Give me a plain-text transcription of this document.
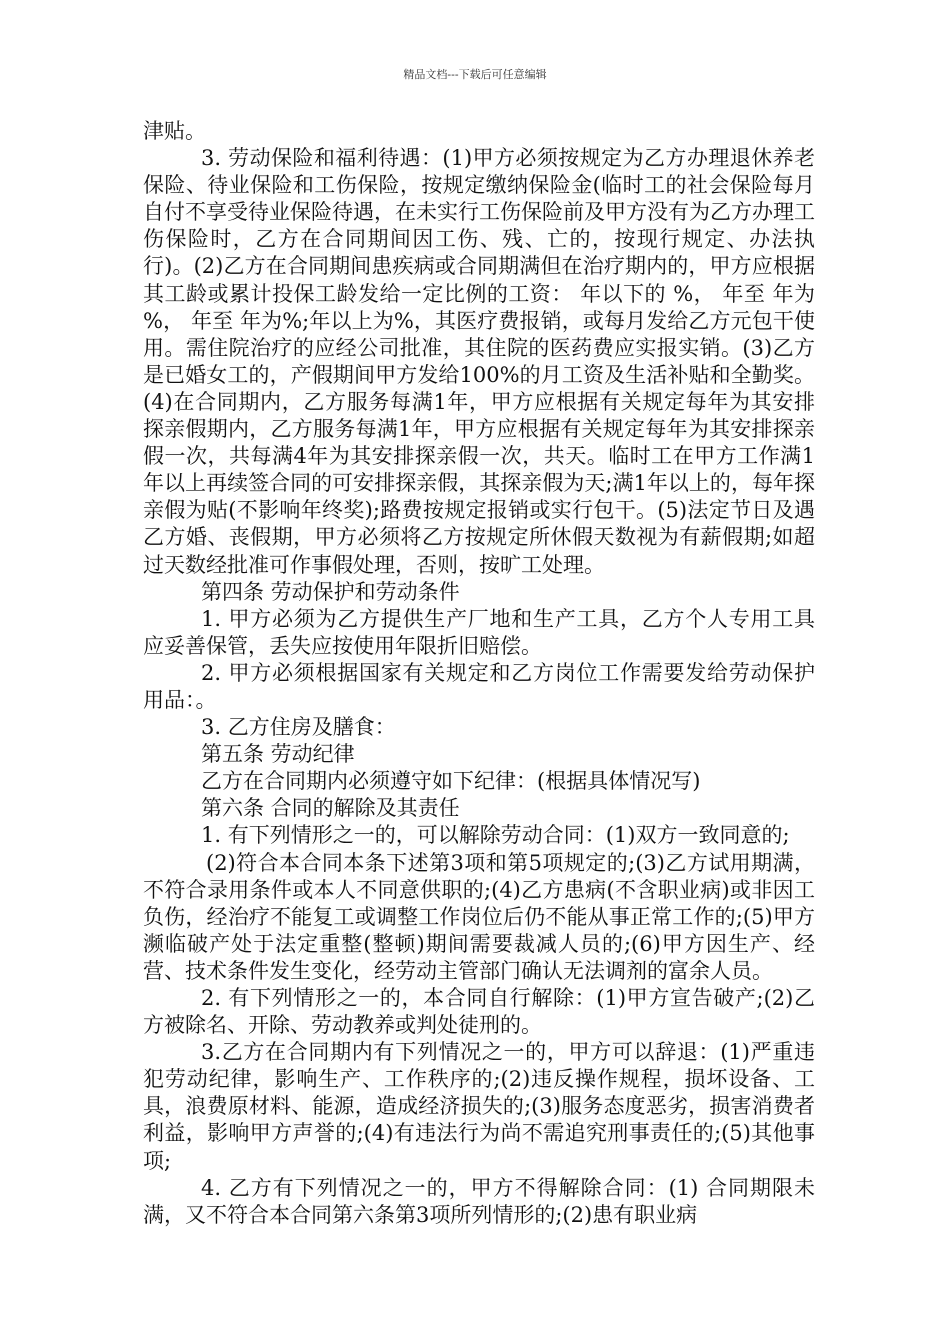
精品文档---下载后可任意编辑

津贴。

3. 劳动保险和福利待遇：(1)甲方必须按规定为乙方办理退休养老保险、待业保险和工伤保险，按规定缴纳保险金(临时工的社会保险每月自付不享受待业保险待遇，在未实行工伤保险前及甲方没有为乙方办理工伤保险时，乙方在合同期间因工伤、残、亡的，按现行规定、办法执行)。(2)乙方在合同期间患疾病或合同期满但在治疗期内的，甲方应根据其工龄或累计投保工龄发给一定比例的工资： 年以下的 %， 年至 年为 %， 年至 年为%;年以上为%，其医疗费报销，或每月发给乙方元包干使用。需住院治疗的应经公司批准，其住院的医药费应实报实销。(3)乙方是已婚女工的，产假期间甲方发给100%的月工资及生活补贴和全勤奖。(4)在合同期内，乙方服务每满1年，甲方应根据有关规定每年为其安排探亲假期内，乙方服务每满1年，甲方应根据有关规定每年为其安排探亲假一次，共每满4年为其安排探亲假一次，共天。临时工在甲方工作满1年以上再续签合同的可安排探亲假，其探亲假为天;满1年以上的，每年探亲假为贴(不影响年终奖);路费按规定报销或实行包干。(5)法定节日及遇乙方婚、丧假期，甲方必须将乙方按规定所休假天数视为有薪假期;如超过天数经批准可作事假处理，否则，按旷工处理。

第四条 劳动保护和劳动条件

1. 甲方必须为乙方提供生产厂地和生产工具，乙方个人专用工具应妥善保管，丢失应按使用年限折旧赔偿。

2. 甲方必须根据国家有关规定和乙方岗位工作需要发给劳动保护用品：。

3. 乙方住房及膳食：

第五条 劳动纪律

乙方在合同期内必须遵守如下纪律：(根据具体情况写)

第六条 合同的解除及其责任

1. 有下列情形之一的，可以解除劳动合同：(1)双方一致同意的;

(2)符合本合同本条下述第3项和第5项规定的;(3)乙方试用期满，不符合录用条件或本人不同意供职的;(4)乙方患病(不含职业病)或非因工负伤，经治疗不能复工或调整工作岗位后仍不能从事正常工作的;(5)甲方濒临破产处于法定重整(整顿)期间需要裁减人员的;(6)甲方因生产、经营、技术条件发生变化，经劳动主管部门确认无法调剂的富余人员。

2. 有下列情形之一的，本合同自行解除：(1)甲方宣告破产;(2)乙方被除名、开除、劳动教养或判处徒刑的。

3.乙方在合同期内有下列情况之一的，甲方可以辞退：(1)严重违犯劳动纪律，影响生产、工作秩序的;(2)违反操作规程，损坏设备、工具，浪费原材料、能源，造成经济损失的;(3)服务态度恶劣，损害消费者利益，影响甲方声誉的;(4)有违法行为尚不需追究刑事责任的;(5)其他事项;

4. 乙方有下列情况之一的，甲方不得解除合同：(1) 合同期限未满，又不符合本合同第六条第3项所列情形的;(2)患有职业病
